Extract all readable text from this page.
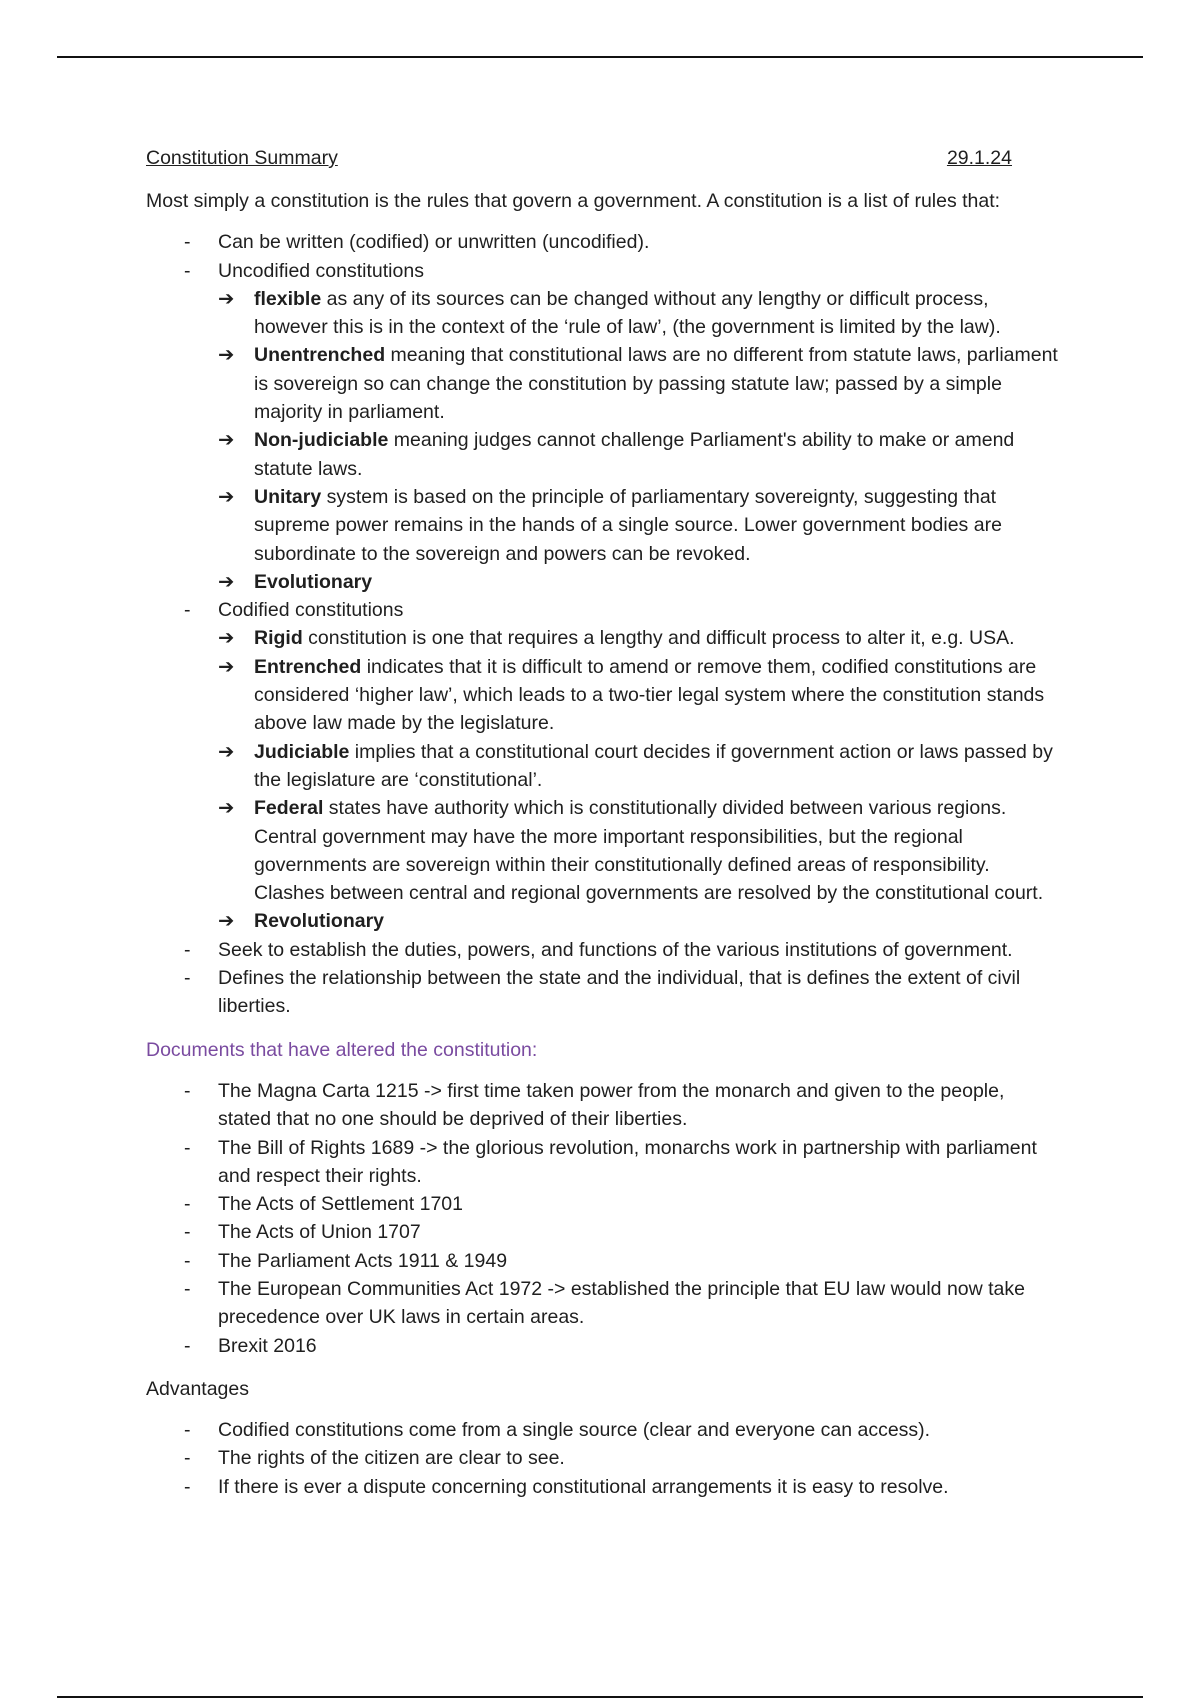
Constitution Summary	29.1.24

Most simply a constitution is the rules that govern a government. A constitution is a list of rules that:

- Can be written (codified) or unwritten (uncodified).
- Uncodified constitutions
➔ flexible as any of its sources can be changed without any lengthy or difficult process, however this is in the context of the ‘rule of law’, (the government is limited by the law).
➔ Unentrenched meaning that constitutional laws are no different from statute laws, parliament is sovereign so can change the constitution by passing statute law; passed by a simple majority in parliament.
➔ Non-judiciable meaning judges cannot challenge Parliament's ability to make or amend statute laws.
➔ Unitary system is based on the principle of parliamentary sovereignty, suggesting that supreme power remains in the hands of a single source. Lower government bodies are subordinate to the sovereign and powers can be revoked.
➔ Evolutionary
- Codified constitutions
➔ Rigid constitution is one that requires a lengthy and difficult process to alter it, e.g. USA.
➔ Entrenched indicates that it is difficult to amend or remove them, codified constitutions are considered ‘higher law’, which leads to a two-tier legal system where the constitution stands above law made by the legislature.
➔ Judiciable implies that a constitutional court decides if government action or laws passed by the legislature are ‘constitutional’.
➔ Federal states have authority which is constitutionally divided between various regions. Central government may have the more important responsibilities, but the regional governments are sovereign within their constitutionally defined areas of responsibility. Clashes between central and regional governments are resolved by the constitutional court.
➔ Revolutionary
- Seek to establish the duties, powers, and functions of the various institutions of government.
- Defines the relationship between the state and the individual, that is defines the extent of civil liberties.

Documents that have altered the constitution:

- The Magna Carta 1215 -> first time taken power from the monarch and given to the people, stated that no one should be deprived of their liberties.
- The Bill of Rights 1689 -> the glorious revolution, monarchs work in partnership with parliament and respect their rights.
- The Acts of Settlement 1701
- The Acts of Union 1707
- The Parliament Acts 1911 & 1949
- The European Communities Act 1972 -> established the principle that EU law would now take precedence over UK laws in certain areas.
- Brexit 2016

Advantages

- Codified constitutions come from a single source (clear and everyone can access).
- The rights of the citizen are clear to see.
- If there is ever a dispute concerning constitutional arrangements it is easy to resolve.
